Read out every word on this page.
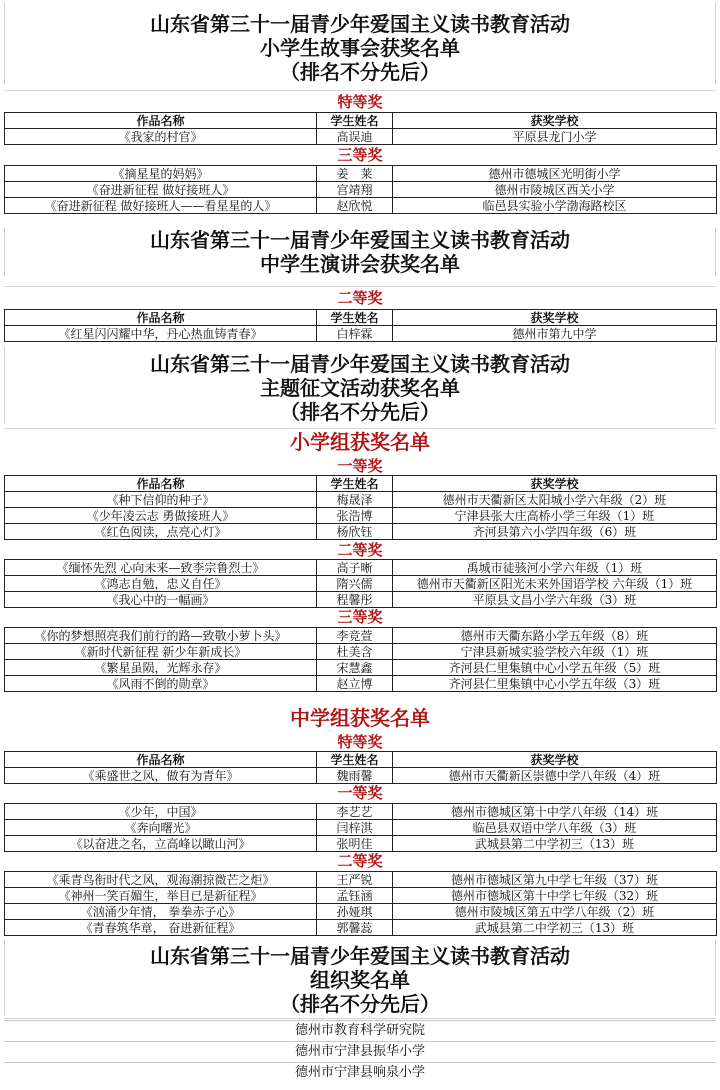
山东省第三十一届青少年爱国主义读书教育活动
小学生故事会获奖名单
（排名不分先后）
特等奖
作品名称	学生姓名	获奖学校
《我家的村官》	高误迪	平原县龙门小学
三等奖
《摘星星的妈妈》	姜　莱	德州市德城区光明街小学
《奋进新征程 做好接班人》	宫靖翔	德州市陵城区西关小学
《奋进新征程 做好接班人——看星星的人》	赵欣悦	临邑县实验小学渤海路校区
山东省第三十一届青少年爱国主义读书教育活动
中学生演讲会获奖名单
二等奖
作品名称	学生姓名	获奖学校
《红星闪闪耀中华，丹心热血铸青春》	白梓霖	德州市第九中学
山东省第三十一届青少年爱国主义读书教育活动
主题征文活动获奖名单
（排名不分先后）
小学组获奖名单
一等奖
作品名称	学生姓名	获奖学校
《种下信仰的种子》	梅晟泽	德州市天衢新区太阳城小学六年级（2）班
《少年凌云志 勇做接班人》	张浩博	宁津县张大庄高桥小学三年级（1）班
《红色阅读，点亮心灯》	杨欣钰	齐河县第六小学四年级（6）班
二等奖
《缅怀先烈 心向未来—致李宗鲁烈士》	高子晰	禹城市徒骇河小学六年级（1）班
《鸿志自勉，忠义自任》	隋兴儒	德州市天衢新区阳光未来外国语学校 六年级（1）班
《我心中的一幅画》	程馨彤	平原县文昌小学六年级（3）班
三等奖
《你的梦想照亮我们前行的路—致敬小萝卜头》	李竞萱	德州市天衢东路小学五年级（8）班
《新时代新征程 新少年新成长》	杜美含	宁津县新城实验学校六年级（1）班
《繁星虽陨，光辉永存》	宋慧鑫	齐河县仁里集镇中心小学五年级（5）班
《风雨不倒的勋章》	赵立博	齐河县仁里集镇中心小学五年级（3）班
中学组获奖名单
特等奖
作品名称	学生姓名	获奖学校
《乘盛世之风，做有为青年》	魏雨馨	德州市天衢新区崇德中学八年级（4）班
一等奖
《少年，中国》	李艺艺	德州市德城区第十中学八年级（14）班
《奔向曙光》	闫梓淇	临邑县双语中学八年级（3）班
《以奋进之名，立高峰以瞰山河》	张明佳	武城县第二中学初三（13）班
二等奖
《乘青鸟衔时代之风，观海潮掠微芒之炬》	王严锐	德州市德城区第九中学七年级（37）班
《神州一笑百媚生，举目已是新征程》	孟钰涵	德州市德城区第十中学七年级（32）班
《汹涌少年情， 拳拳赤子心》	孙娅琪	德州市陵城区第五中学八年级（2）班
《青春筑华章， 奋进新征程》	郭馨蕊	武城县第二中学初三（13）班
山东省第三十一届青少年爱国主义读书教育活动
组织奖名单
（排名不分先后）
德州市教育科学研究院
德州市宁津县振华小学
德州市宁津县响泉小学
